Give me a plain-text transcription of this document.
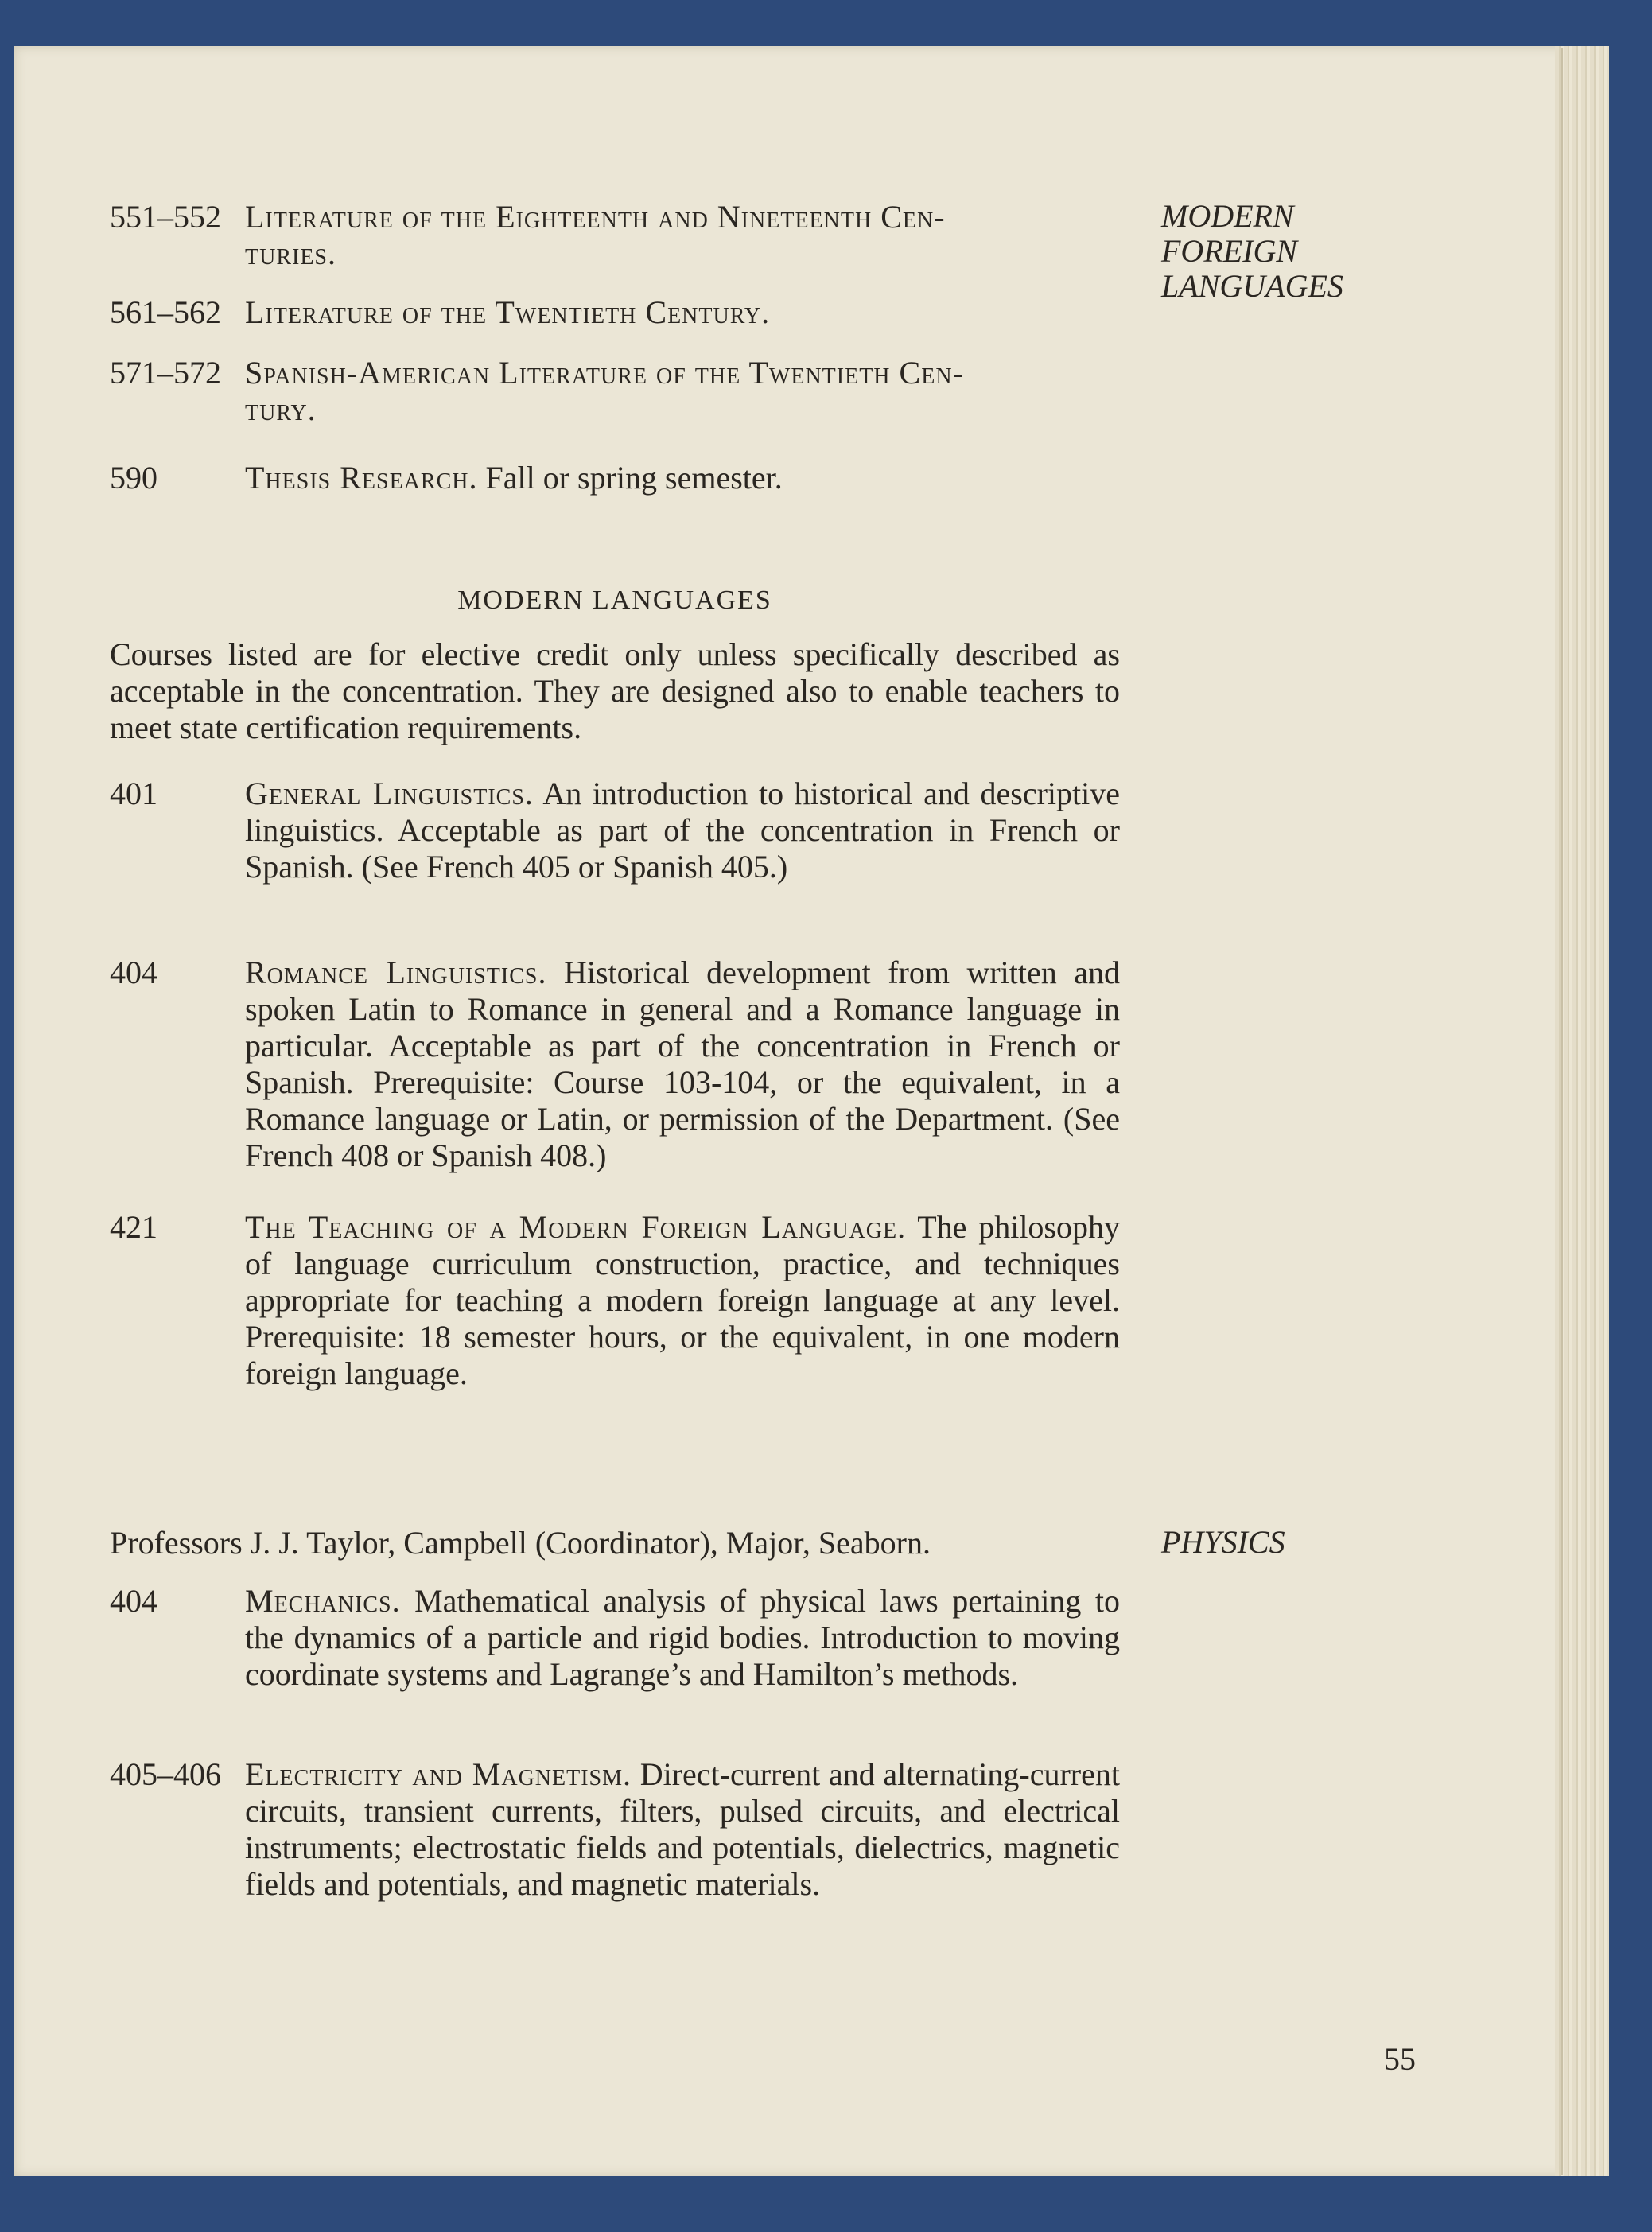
551–552 Literature of the Eighteenth and Nineteenth Cen-
turies.
561–562 Literature of the Twentieth Century.
571–572 Spanish-American Literature of the Twentieth Cen-
tury.
590	Thesis Research. Fall or spring semester.
MODERN LANGUAGES
Courses listed are for elective credit only unless specifically described as acceptable in the concentration. They are designed also to enable teachers to meet state certification requirements.
401	General Linguistics. An introduction to historical and descriptive linguistics. Acceptable as part of the concentration in French or Spanish. (See French 405 or Spanish 405.)
404	Romance Linguistics. Historical development from written and spoken Latin to Romance in general and a Romance language in particular. Acceptable as part of the concentration in French or Spanish. Prerequisite: Course 103-104, or the equivalent, in a Romance language or Latin, or permission of the Department. (See French 408 or Spanish 408.)
421	The Teaching of a Modern Foreign Language. The philosophy of language curriculum construction, practice, and techniques appropriate for teaching a modern foreign language at any level. Prerequisite: 18 semester hours, or the equivalent, in one modern foreign language.
Professors J. J. Taylor, Campbell (Coordinator), Major, Seaborn.
404	Mechanics. Mathematical analysis of physical laws pertaining to the dynamics of a particle and rigid bodies. Introduction to moving coordinate systems and Lagrange’s and Hamilton’s methods.
405–406 Electricity and Magnetism. Direct-current and alternating-current circuits, transient currents, filters, pulsed circuits, and electrical instruments; electrostatic fields and potentials, dielectrics, magnetic fields and potentials, and magnetic materials.
MODERN
FOREIGN
LANGUAGES
PHYSICS
55
